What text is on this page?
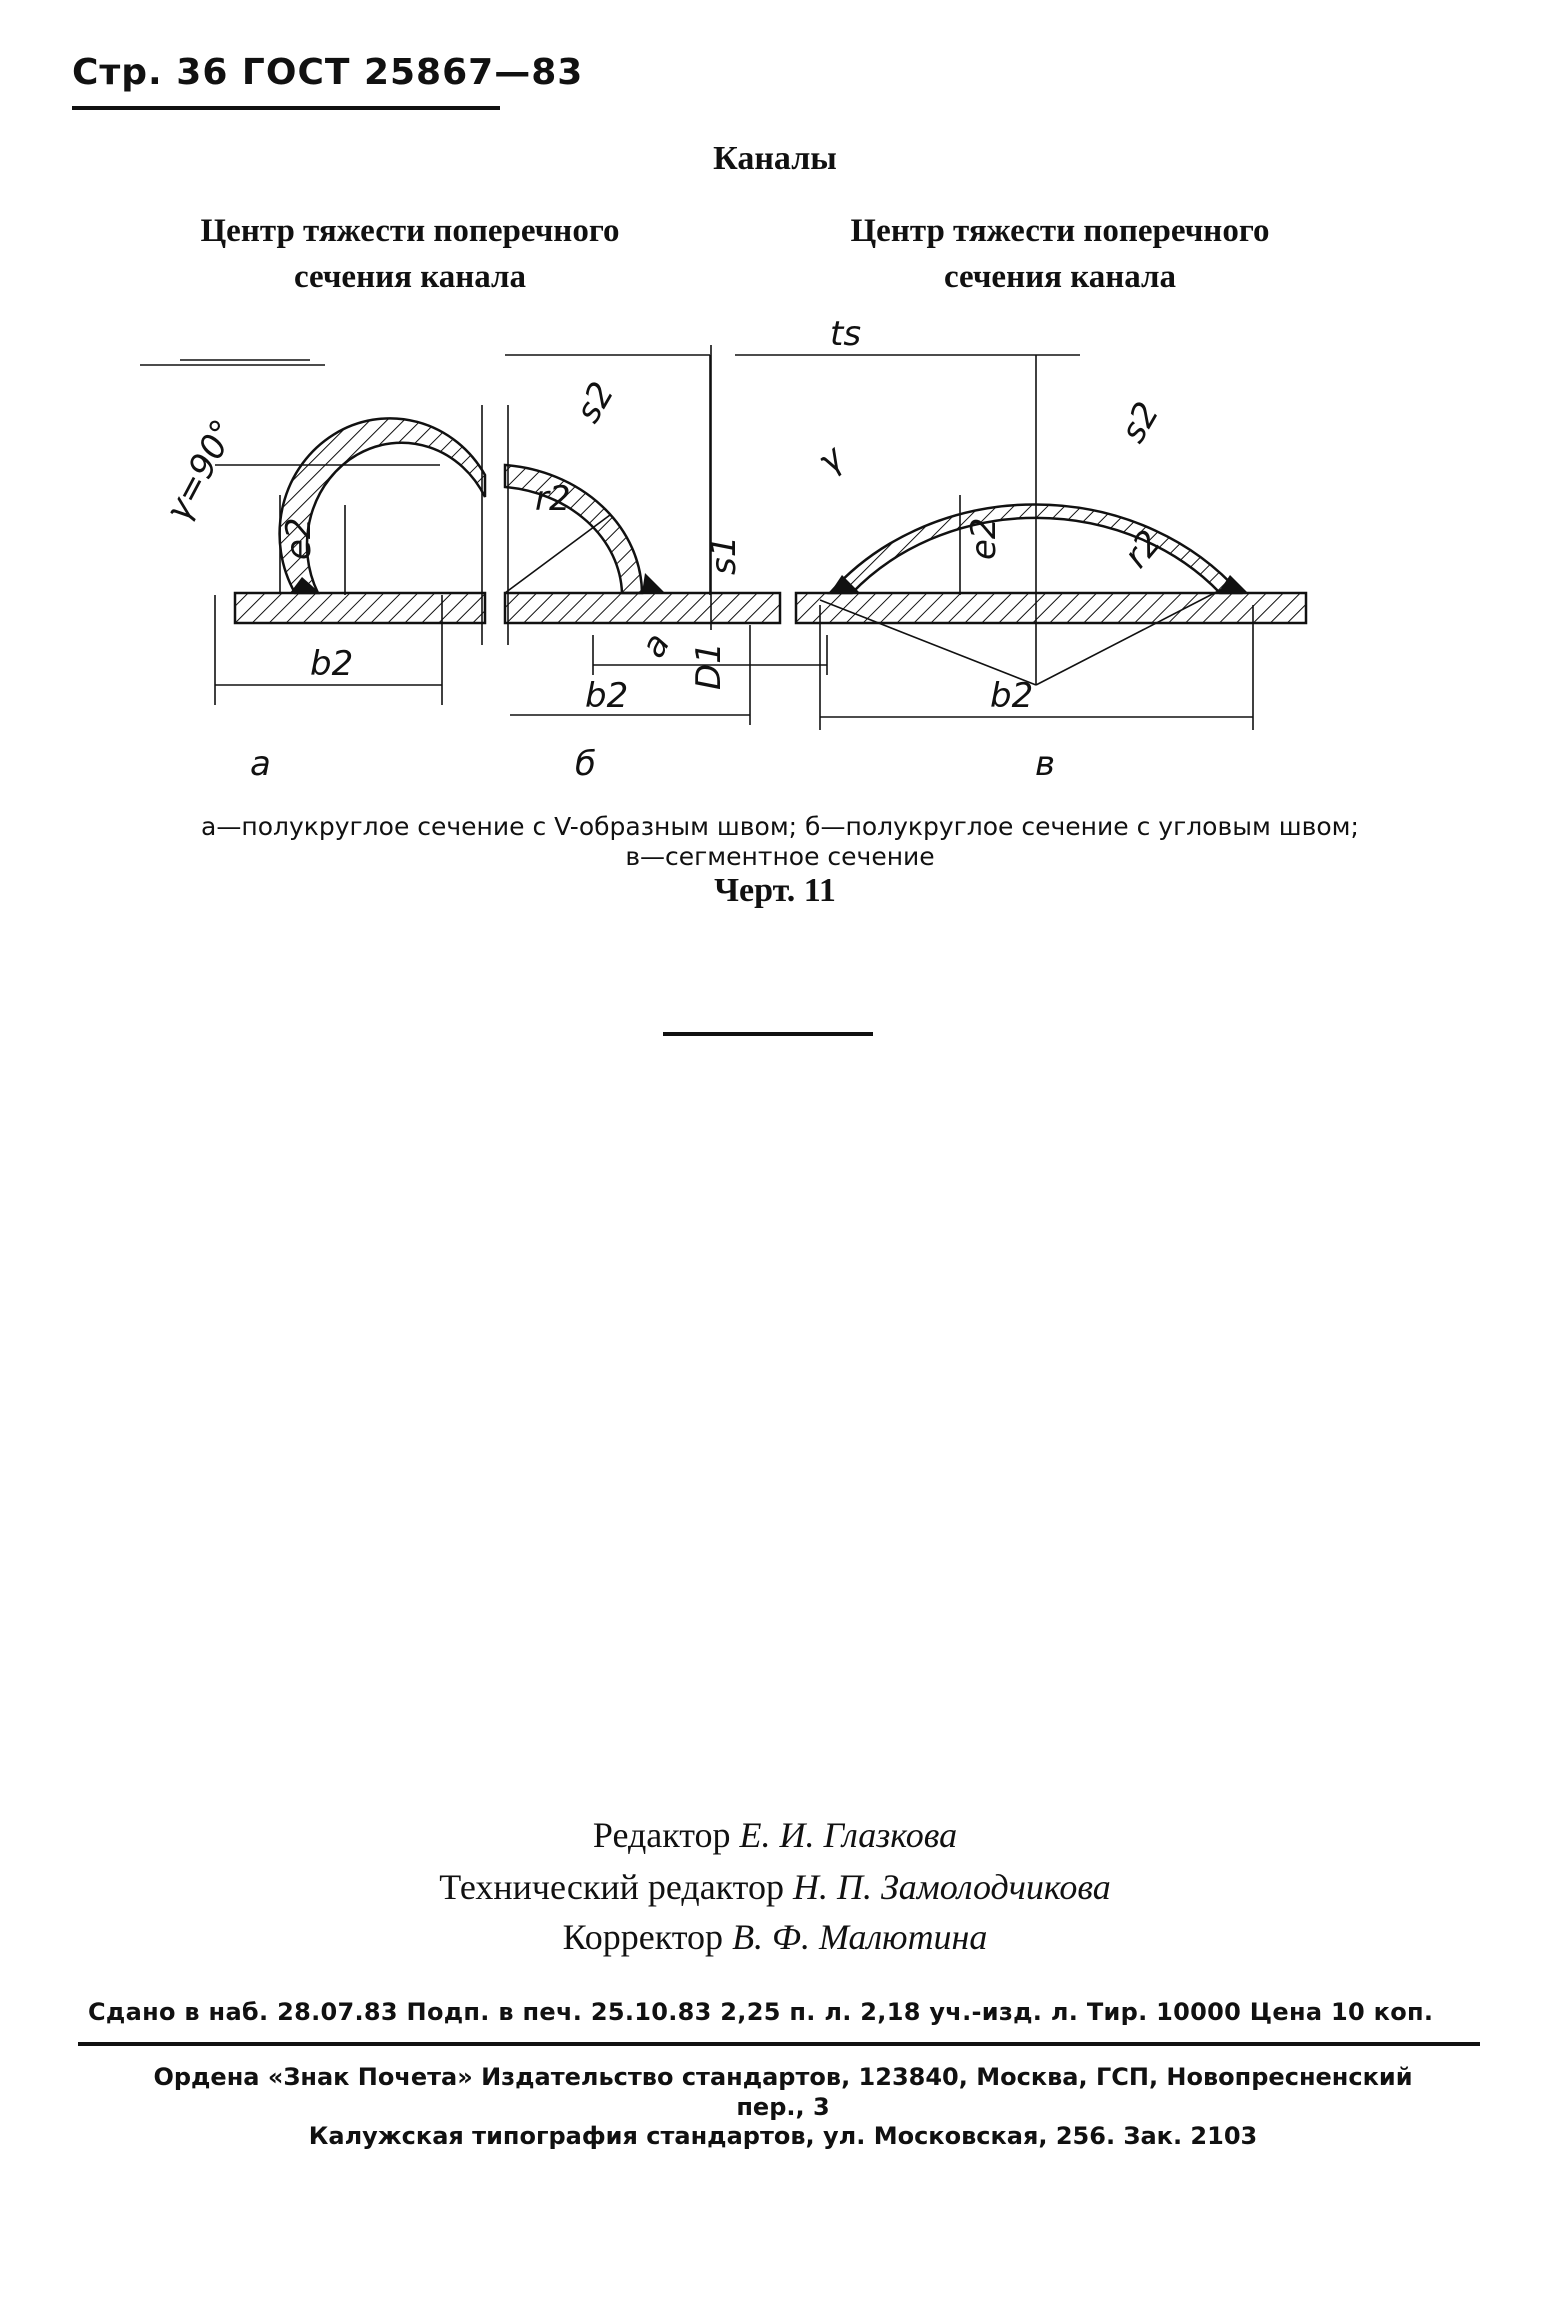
Стр. 36 ГОСТ 25867—83
Каналы
Центр тяжести поперечного
сечения канала
Центр тяжести поперечного
сечения канала
ts
γ=90°	γ
e2	e2
b2
b2	b2
r2
r2
s2	s2
s1
a D1
а	б	в
а—полукруглое сечение с V-образным швом; б—полукруглое сечение с угловым швом;
в—сегментное сечение
Черт. 11
Редактор Е. И. Глазкова
Технический редактор Н. П. Замолодчикова
Корректор В. Ф. Малютина
Сдано в наб. 28.07.83 Подп. в печ. 25.10.83 2,25 п. л. 2,18 уч.-изд. л. Тир. 10000 Цена 10 коп.
Ордена «Знак Почета» Издательство стандартов, 123840, Москва, ГСП, Новопресненский
пер., 3
Калужская типография стандартов, ул. Московская, 256. Зак. 2103
